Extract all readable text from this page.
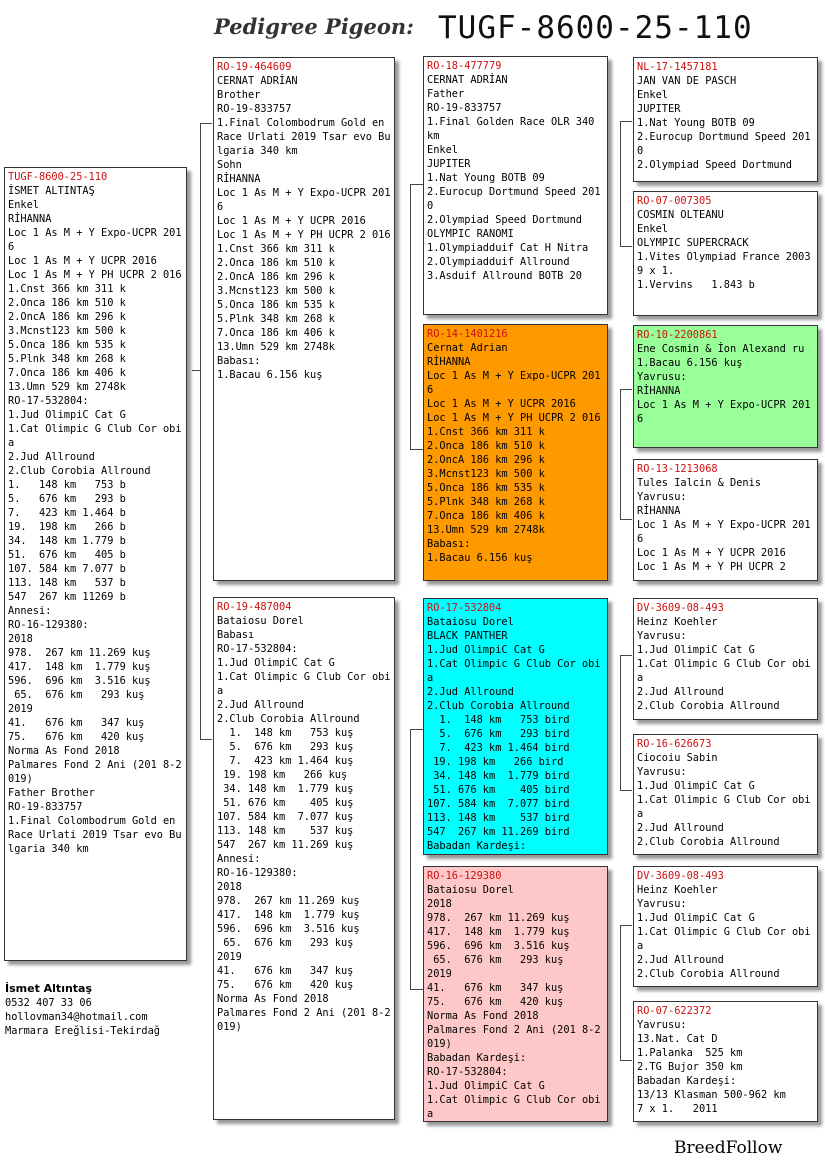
Pedigree Pigeon: TUGF-8600-25-110
TUGF-8600-25-110
İSMET ALTINTAŞ
Enkel
RİHANNA
Loc 1 As M + Y Expo-UCPR 2016
Loc 1 As M + Y UCPR 2016
Loc 1 As M + Y PH UCPR 2 016
1.Cnst 366 km 311 k
2.Onca 186 km 510 k
2.OncA 186 km 296 k
3.Mcnst123 km 500 k
5.Onca 186 km 535 k
5.Plnk 348 km 268 k
7.Onca 186 km 406 k
13.Umn 529 km 2748k
RO-17-532804:
1.Jud OlimpiC Cat G
1.Cat Olimpic G Club Cor obia
2.Jud Allround
2.Club Corobia Allround
1.   148 km   753 b
5.   676 km   293 b
7.   423 km 1.464 b
19.  198 km   266 b
34.  148 km 1.779 b
51.  676 km   405 b
107. 584 km 7.077 b
113. 148 km   537 b
547  267 km 11269 b
Annesi:
RO-16-129380:
2018
978.  267 km 11.269 kuş
417.  148 km  1.779 kuş
596.  696 km  3.516 kuş
65.  676 km   293 kuş
2019
41.   676 km   347 kuş
75.   676 km   420 kuş
Norma As Fond 2018
Palmares Fond 2 Ani (201 8-2019)
Father Brother
RO-19-833757
1.Final Colombodrum Gold en Race Urlati 2019 Tsar evo Bulgaria 340 km
RO-19-464609
CERNAT ADRİAN
Brother
RO-19-833757
1.Final Colombodrum Gold en Race Urlati 2019 Tsar evo Bulgaria 340 km
Sohn
RİHANNA
Loc 1 As M + Y Expo-UCPR 2016
Loc 1 As M + Y UCPR 2016
Loc 1 As M + Y PH UCPR 2 016
1.Cnst 366 km 311 k
2.Onca 186 km 510 k
2.OncA 186 km 296 k
3.Mcnst123 km 500 k
5.Onca 186 km 535 k
5.Plnk 348 km 268 k
7.Onca 186 km 406 k
13.Umn 529 km 2748k
Babası:
1.Bacau 6.156 kuş
RO-19-487004
Bataiosu Dorel
Babası
RO-17-532804:
1.Jud OlimpiC Cat G
1.Cat Olimpic G Club Cor obia
2.Jud Allround
2.Club Corobia Allround
1.  148 km   753 kuş
5.  676 km   293 kuş
7.  423 km 1.464 kuş
19. 198 km   266 kuş
34. 148 km  1.779 kuş
51. 676 km    405 kuş
107. 584 km  7.077 kuş
113. 148 km    537 kuş
547  267 km 11.269 kuş
Annesi:
RO-16-129380:
2018
978.  267 km 11.269 kuş
417.  148 km  1.779 kuş
596.  696 km  3.516 kuş
65.  676 km   293 kuş
2019
41.   676 km   347 kuş
75.   676 km   420 kuş
Norma As Fond 2018
Palmares Fond 2 Ani (201 8-2019)
RO-18-477779
CERNAT ADRİAN
Father
RO-19-833757
1.Final Golden Race OLR 340 km
Enkel
JUPITER
1.Nat Young BOTB 09
2.Eurocup Dortmund Speed 2010
2.Olympiad Speed Dortmund
OLYMPIC RANOMI
1.Olympiadduif Cat H Nitra
2.Olympiadduif Allround
3.Asduif Allround BOTB 20
RO-14-1401216
Cernat Adrian
RİHANNA
Loc 1 As M + Y Expo-UCPR 2016
Loc 1 As M + Y UCPR 2016
Loc 1 As M + Y PH UCPR 2 016
1.Cnst 366 km 311 k
2.Onca 186 km 510 k
2.OncA 186 km 296 k
3.Mcnst123 km 500 k
5.Onca 186 km 535 k
5.Plnk 348 km 268 k
7.Onca 186 km 406 k
13.Umn 529 km 2748k
Babası:
1.Bacau 6.156 kuş
RO-17-532804
Bataiosu Dorel
BLACK PANTHER
1.Jud OlimpiC Cat G
1.Cat Olimpic G Club Cor obia
2.Jud Allround
2.Club Corobia Allround
1.  148 km   753 bird
5.  676 km   293 bird
7.  423 km 1.464 bird
19. 198 km   266 bird
34. 148 km  1.779 bird
51. 676 km    405 bird
107. 584 km  7.077 bird
113. 148 km    537 bird
547  267 km 11.269 bird
Babadan Kardeşi:
RO-16-129380
Bataiosu Dorel
2018
978.  267 km 11.269 kuş
417.  148 km  1.779 kuş
596.  696 km  3.516 kuş
65.  676 km   293 kuş
2019
41.   676 km   347 kuş
75.   676 km   420 kuş
Norma As Fond 2018
Palmares Fond 2 Ani (201 8-2019)
Babadan Kardeşi:
RO-17-532804:
1.Jud OlimpiC Cat G
1.Cat Olimpic G Club Cor obia
NL-17-1457181
JAN VAN DE PASCH
Enkel
JUPITER
1.Nat Young BOTB 09
2.Eurocup Dortmund Speed 2010
2.Olympiad Speed Dortmund
RO-07-007305
COSMIN OLTEANU
Enkel
OLYMPIC SUPERCRACK
1.Vites Olympiad France 2003
9 x 1.
1.Vervins   1.843 b
RO-10-2200861
Ene Cosmin & İon Alexand ru
1.Bacau 6.156 kuş
Yavrusu:
RİHANNA
Loc 1 As M + Y Expo-UCPR 2016
RO-13-1213068
Tules Ialcin & Denis
Yavrusu:
RİHANNA
Loc 1 As M + Y Expo-UCPR 2016
Loc 1 As M + Y UCPR 2016
Loc 1 As M + Y PH UCPR 2
DV-3609-08-493
Heinz Koehler
Yavrusu:
1.Jud OlimpiC Cat G
1.Cat Olimpic G Club Cor obia
2.Jud Allround
2.Club Corobia Allround
RO-16-626673
Ciocoiu Sabin
Yavrusu:
1.Jud OlimpiC Cat G
1.Cat Olimpic G Club Cor obia
2.Jud Allround
2.Club Corobia Allround
DV-3609-08-493
Heinz Koehler
Yavrusu:
1.Jud OlimpiC Cat G
1.Cat Olimpic G Club Cor obia
2.Jud Allround
2.Club Corobia Allround
RO-07-622372
Yavrusu:
13.Nat. Cat D
1.Palanka  525 km
2.TG Bujor 350 km
Babadan Kardeşi:
13/13 Klasman 500-962 km
7 x 1.   2011
İsmet Altıntaş
0532 407 33 06
hollovman34@hotmail.com
Marmara Ereğlisi-Tekirdağ
BreedFollow
